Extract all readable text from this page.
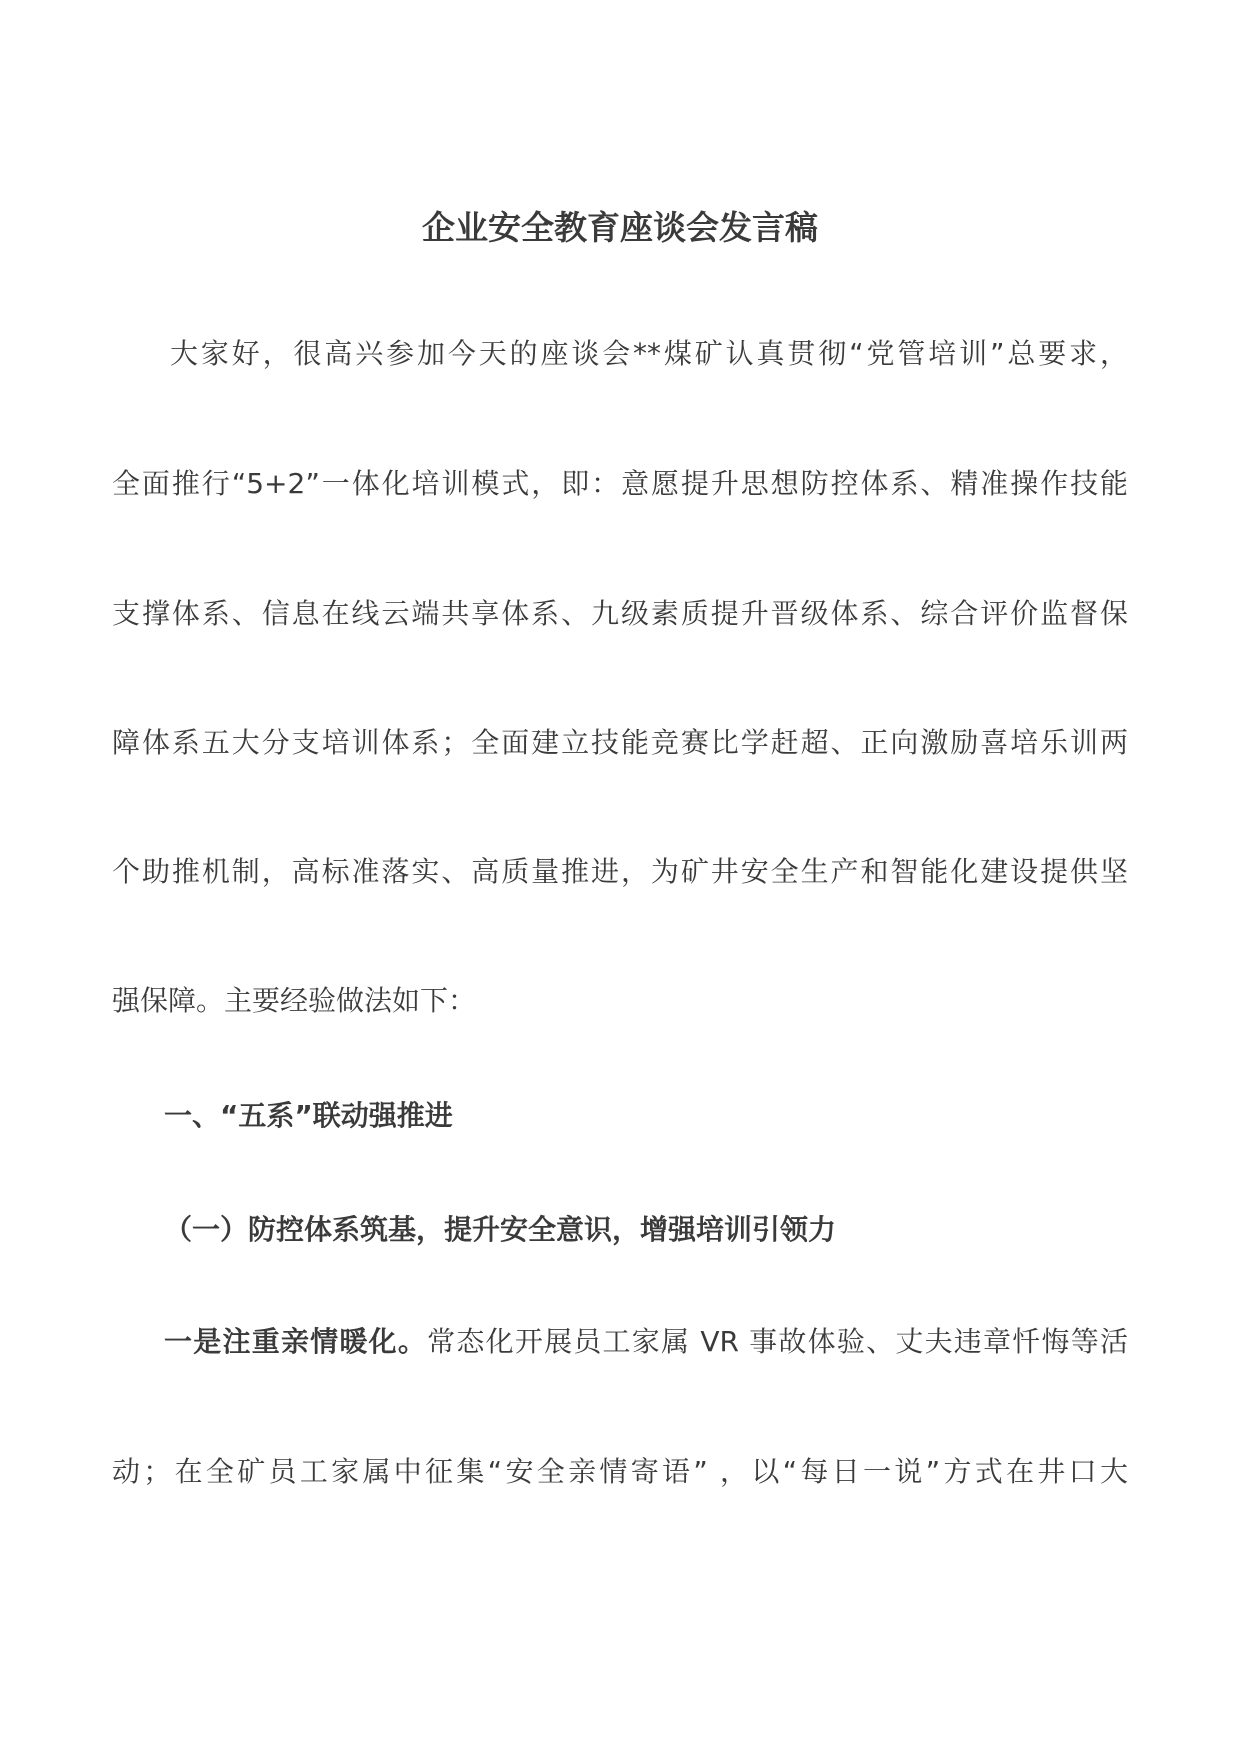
企业安全教育座谈会发言稿
大家好，很高兴参加今天的座谈会**煤矿认真贯彻“党管培训”总要求，
全面推行“5+2”一体化培训模式，即：意愿提升思想防控体系、精准操作技能
支撑体系、信息在线云端共享体系、九级素质提升晋级体系、综合评价监督保
障体系五大分支培训体系；全面建立技能竞赛比学赶超、正向激励喜培乐训两
个助推机制，高标准落实、高质量推进，为矿井安全生产和智能化建设提供坚
强保障。主要经验做法如下：
一、“五系”联动强推进
（一）防控体系筑基，提升安全意识，增强培训引领力
一是注重亲情暖化。常态化开展员工家属 VR 事故体验、丈夫违章忏悔等活
动；在全矿员工家属中征集“安全亲情寄语” ，以“每日一说”方式在井口大
